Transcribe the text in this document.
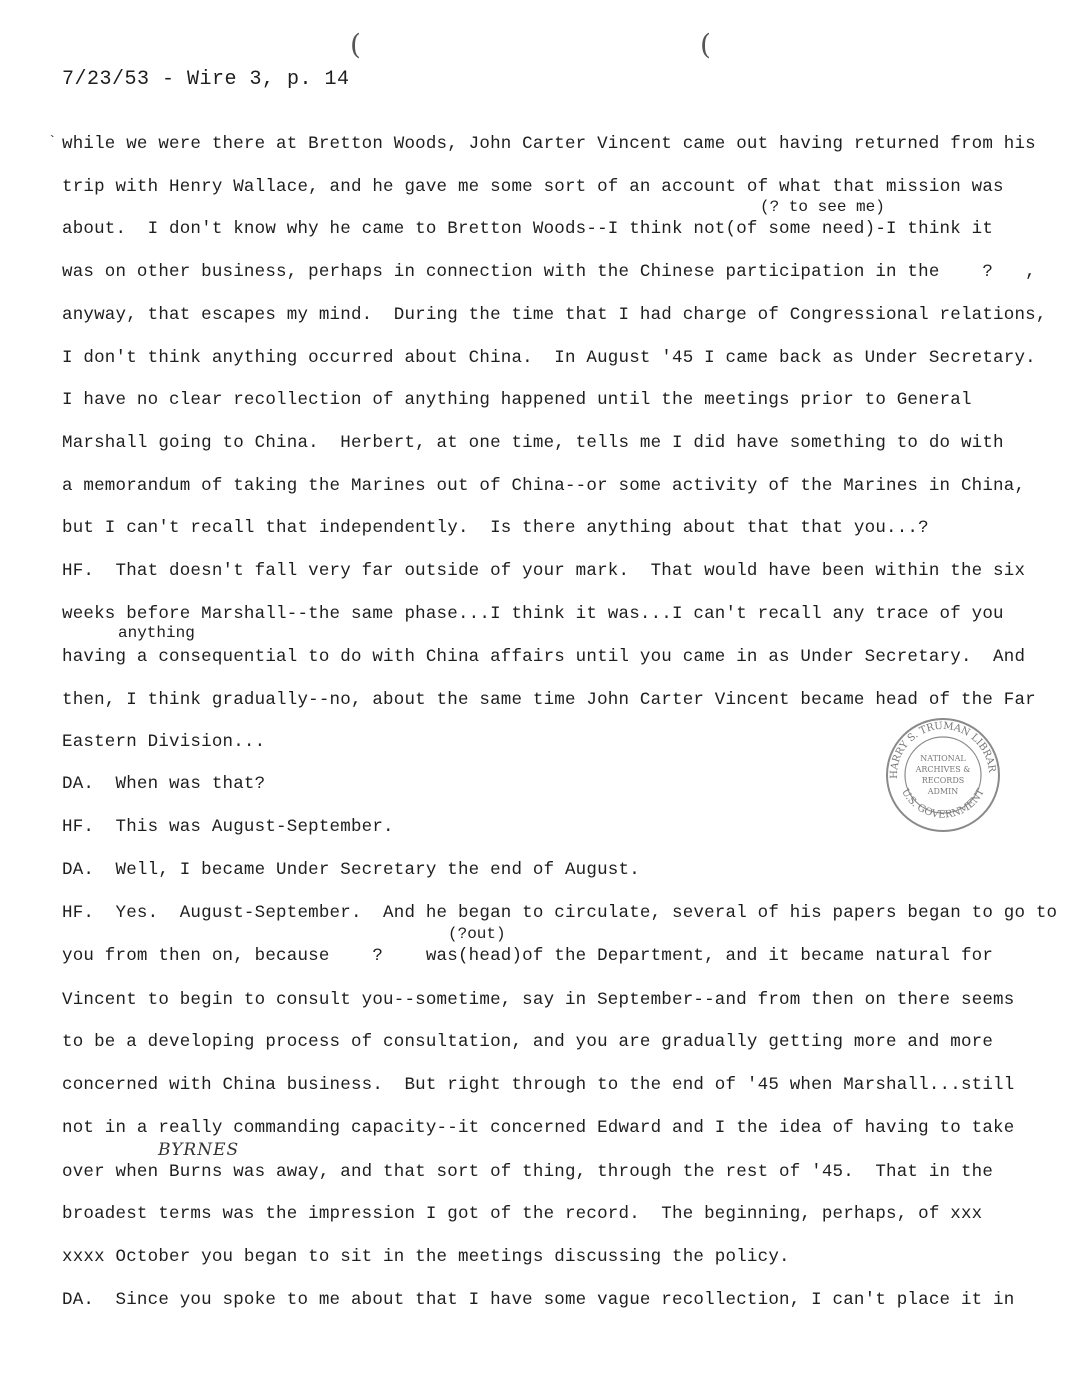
(	(
7/23/53 - Wire 3, p. 14
` while we were there at Bretton Woods, John Carter Vincent came out having returned from his
trip with Henry Wallace, and he gave me some sort of an account of what that mission was
(? to see me)
about.  I don't know why he came to Bretton Woods--I think not(of some need)-I think it
was on other business, perhaps in connection with the Chinese participation in the    ?   ,
anyway, that escapes my mind.  During the time that I had charge of Congressional relations,
I don't think anything occurred about China.  In August '45 I came back as Under Secretary.
I have no clear recollection of anything happened until the meetings prior to General
Marshall going to China.  Herbert, at one time, tells me I did have something to do with
a memorandum of taking the Marines out of China--or some activity of the Marines in China,
but I can't recall that independently.  Is there anything about that that you...?
HF.  That doesn't fall very far outside of your mark.  That would have been within the six
weeks before Marshall--the same phase...I think it was...I can't recall any trace of you
anything
having a consequential to do with China affairs until you came in as Under Secretary.  And
then, I think gradually--no, about the same time John Carter Vincent became head of the Far
Eastern Division...
DA.  When was that?
HF.  This was August-September.
DA.  Well, I became Under Secretary the end of August.
HF.  Yes.  August-September.  And he began to circulate, several of his papers began to go to
(?out)
you from then on, because    ?    was(head)of the Department, and it became natural for
Vincent to begin to consult you--sometime, say in September--and from then on there seems
to be a developing process of consultation, and you are gradually getting more and more
concerned with China business.  But right through to the end of '45 when Marshall...still
not in a really commanding capacity--it concerned Edward and I the idea of having to take
BYRNES
over when Burns was away, and that sort of thing, through the rest of '45.  That in the
broadest terms was the impression I got of the record.  The beginning, perhaps, of xxx
xxxx October you began to sit in the meetings discussing the policy.
DA.  Since you spoke to me about that I have some vague recollection, I can't place it in
HARRY S. TRUMAN LIBRAR
U.S. GOVERNMENT
NATIONAL
ARCHIVES &
RECORDS
ADMIN
